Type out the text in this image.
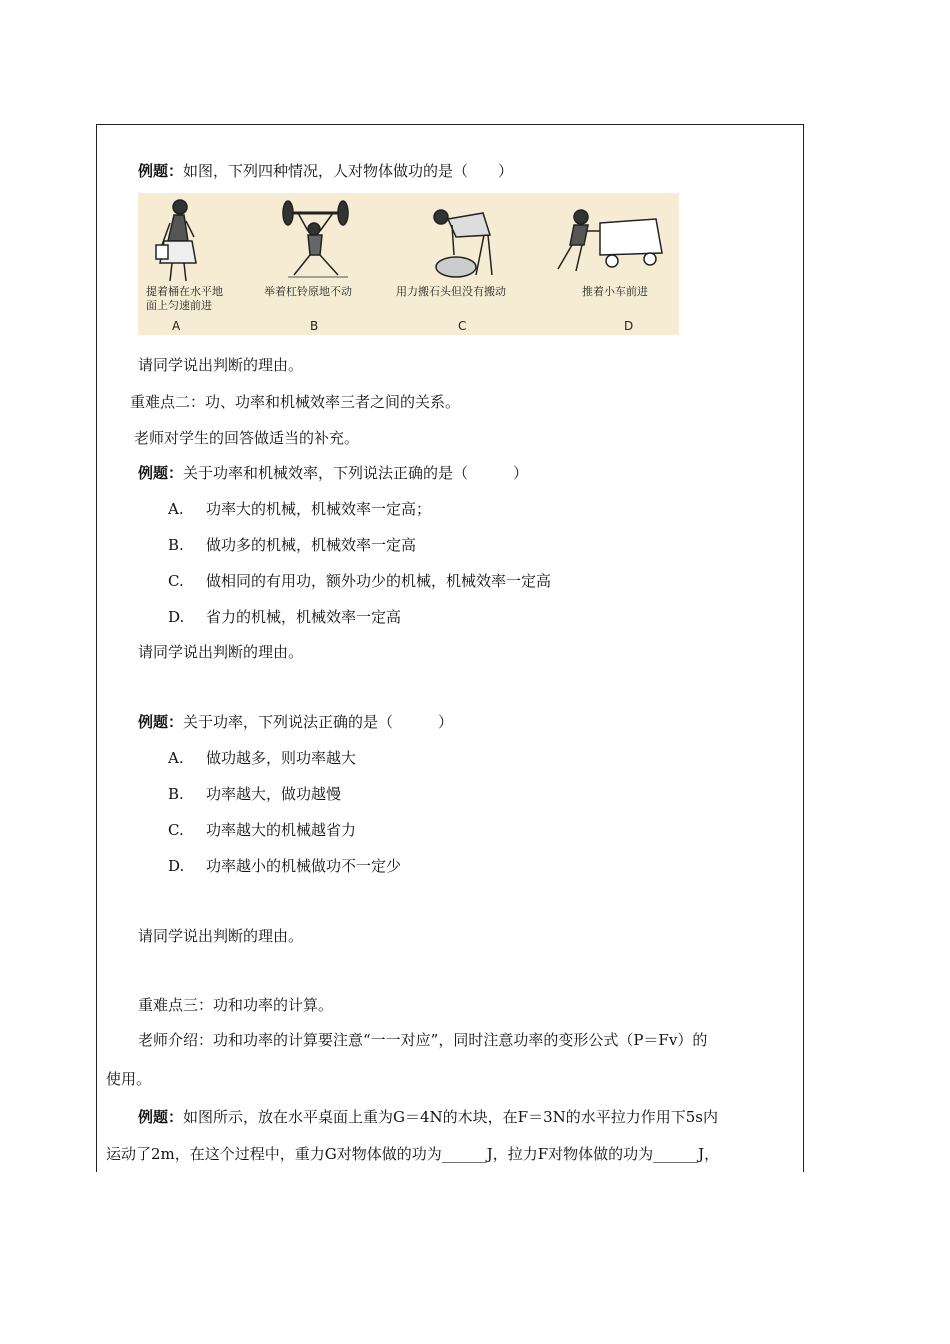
例题：如图，下列四种情况，人对物体做功的是（　　）
提着桶在水平地
面上匀速前进
A
举着杠铃原地不动
B
用力搬石头但没有搬动
C
推着小车前进
D
请同学说出判断的理由。
重难点二：功、功率和机械效率三者之间的关系。
老师对学生的回答做适当的补充。
例题：关于功率和机械效率，下列说法正确的是（　　　）
A. 功率大的机械，机械效率一定高；
B. 做功多的机械，机械效率一定高
C. 做相同的有用功，额外功少的机械，机械效率一定高
D. 省力的机械，机械效率一定高
请同学说出判断的理由。
例题：关于功率，下列说法正确的是（　　　）
A. 做功越多，则功率越大
B. 功率越大，做功越慢
C. 功率越大的机械越省力
D. 功率越小的机械做功不一定少
请同学说出判断的理由。
重难点三：功和功率的计算。
老师介绍：功和功率的计算要注意“一一对应”，同时注意功率的变形公式（P＝Fv）的
使用。
例题：如图所示，放在水平桌面上重为G＝4N的木块，在F＝3N的水平拉力作用下5s内
运动了2m，在这个过程中，重力G对物体做的功为______J，拉力F对物体做的功为______J，
